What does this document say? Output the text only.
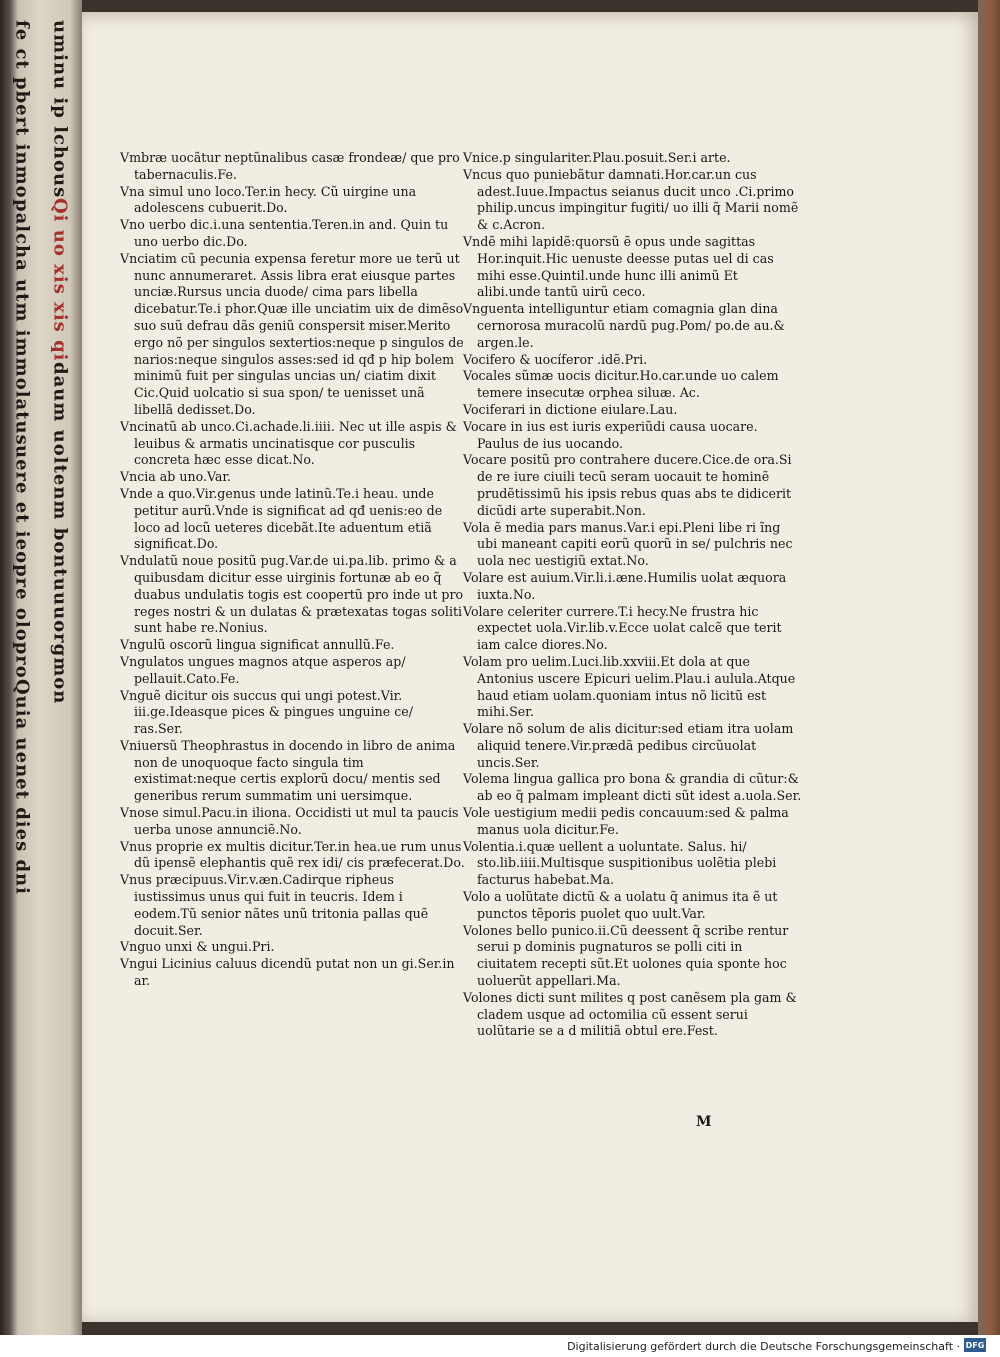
fe ct pbert inmo
palcha utm immolatus
uere et ieopre olopro
Quia uenet dies dni
uminu ip lchous
Qi uo xis xis qi
daum uoltenm bontu
uuorgmon

Vmbræ uocãtur neptũnalibus casæ frondeæ/ que pro tabernaculis.Fe.

Vna simul uno loco.Ter.in hecy. Cũ uirgine una adolescens cubuerit.Do.

Vno uerbo dic.i.una sententia.Teren.in and. Quin tu uno uerbo dic.Do.

Vnciatim cũ pecunia expensa feretur more ue terũ ut nunc annumeraret. Assis libra erat eiusque partes unciæ.Rursus uncia duode/ cima pars libella dicebatur.Te.i phor.Quæ ille unciatim uix de dimẽso suo suũ defrau dãs geniũ conspersit miser.Merito ergo nõ per singulos sextertios:neque p singulos de narios:neque singulos asses:sed id qđ p hip bolem minimũ fuit per singulas uncias un/ ciatim dixit Cic.Quid uolcatio si sua spon/ te uenisset unã libellã dedisset.Do.

Vncinatũ ab unco.Ci.achade.li.iiii. Nec ut ille aspis & leuibus & armatis uncinatisque cor pusculis concreta hæc esse dicat.No.

Vncia ab uno.Var.

Vnde a quo.Vir.genus unde latinũ.Te.i heau. unde petitur aurũ.Vnde is significat ad qđ uenis:eo de loco ad locũ ueteres dicebãt.Ite aduentum etiã significat.Do.

Vndulatũ noue positũ pug.Var.de ui.pa.lib. primo & a quibusdam dicitur esse uirginis fortunæ ab eo q̃ duabus undulatis togis est coopertũ pro inde ut pro reges nostri & un dulatas & prætexatas togas soliti sunt habe re.Nonius.

Vngulũ oscorũ lingua significat annullũ.Fe.

Vngulatos ungues magnos atque asperos ap/ pellauit.Cato.Fe.

Vnguẽ dicitur ois succus qui ungi potest.Vir. iii.ge.Ideasque pices & pingues unguine ce/ ras.Ser.

Vniuersũ Theophrastus in docendo in libro de anima non de unoquoque facto singula tim existimat:neque certis explorũ docu/ mentis sed generibus rerum summatim uni uersimque.

Vnose simul.Pacu.in iliona. Occidisti ut mul ta paucis uerba unose annunciẽ.No.

Vnus proprie ex multis dicitur.Ter.in hea.ue rum unus dũ ipensẽ elephantis quẽ rex idi/ cis præfecerat.Do.

Vnus præcipuus.Vir.v.æn.Cadirque ripheus iustissimus unus qui fuit in teucris. Idem i eodem.Tũ senior nãtes unũ tritonia pallas quẽ docuit.Ser.

Vnguo unxi & ungui.Pri.

Vngui Licinius caluus dicendũ putat non un gi.Ser.in ar.

Vnice.p singulariter.Plau.posuit.Ser.i arte.

Vncus quo puniebãtur damnati.Hor.car.un cus adest.Iuue.Impactus seianus ducit unco .Ci.primo philip.uncus impingitur fugiti/ uo illi q̃ Marii nomẽ & c.Acron.

Vndẽ mihi lapidẽ:quorsũ ẽ opus unde sagittas Hor.inquit.Hic uenuste deesse putas uel di cas mihi esse.Quintil.unde hunc illi animũ Et alibi.unde tantũ uirũ ceco.

Vnguenta intelliguntur etiam comagnia glan dina cernorosa muracolũ nardũ pug.Pom/ po.de au.& argen.le.

Vocifero & uocíferor .idẽ.Pri.

Vocales sũmæ uocis dicitur.Ho.car.unde uo calem temere insecutæ orphea siluæ. Ac.

Vociferari in dictione eiulare.Lau.

Vocare in ius est iuris experiũdi causa uocare. Paulus de ius uocando.

Vocare positũ pro contrahere ducere.Cice.de ora.Si de re iure ciuili tecũ seram uocauit te hominẽ prudẽtissimũ his ipsis rebus quas abs te didicerit dicũdi arte superabit.Non.

Vola ẽ media pars manus.Var.i epi.Pleni libe ri ĩng ubi maneant capiti eorũ quorũ in se/ pulchris nec uola nec uestigiũ extat.No.

Volare est auium.Vir.li.i.æne.Humilis uolat æquora iuxta.No.

Volare celeriter currere.T.i hecy.Ne frustra hic expectet uola.Vir.lib.v.Ecce uolat calcẽ que terit iam calce diores.No.

Volam pro uelim.Luci.lib.xxviii.Et dola at que Antonius uscere Epicuri uelim.Plau.i aulula.Atque haud etiam uolam.quoniam intus nõ licitũ est mihi.Ser.

Volare nõ solum de alis dicitur:sed etiam itra uolam aliquid tenere.Vir.prædã pedibus circũuolat uncis.Ser.

Volema lingua gallica pro bona & grandia di cũtur:& ab eo q̃ palmam impleant dicti sũt idest a.uola.Ser.

Vole uestigium medii pedis concauum:sed & palma manus uola dicitur.Fe.

Volentia.i.quæ uellent a uoluntate. Salus. hi/ sto.lib.iiii.Multisque suspitionibus uolẽtia plebi facturus habebat.Ma.

Volo a uolũtate dictũ & a uolatu q̃ animus ita ẽ ut punctos tẽporis puolet quo uult.Var.

Volones bello punico.ii.Cũ deessent q̃ scribe rentur serui p dominis pugnaturos se polli citi in ciuitatem recepti sũt.Et uolones quia sponte hoc uoluerũt appellari.Ma.

Volones dicti sunt milites q post canẽsem pla gam & cladem usque ad octomilia cũ essent serui uolũtarie se a d militiã obtul ere.Fest.

M
Digitalisierung gefördert durch die Deutsche Forschungsgemeinschaft · DFG
